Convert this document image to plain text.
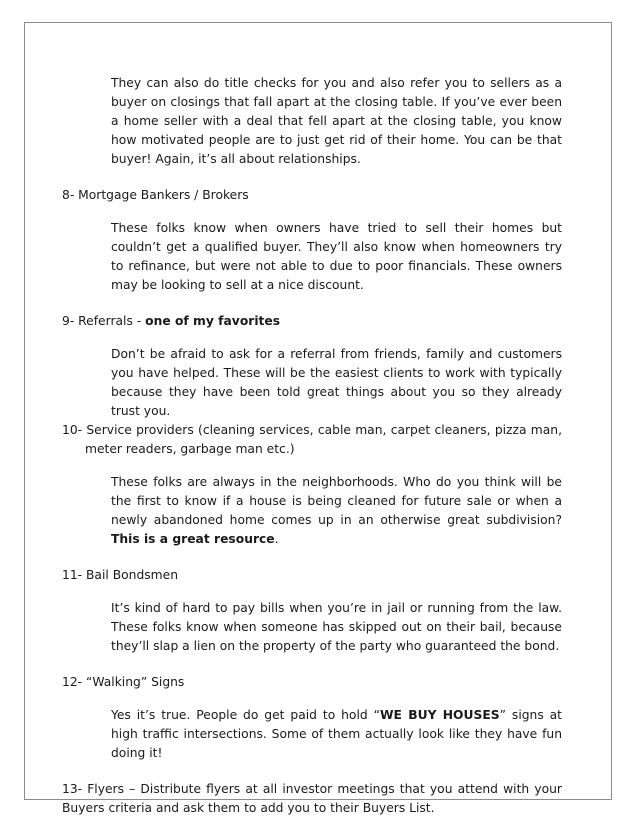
They can also do title checks for you and also refer you to sellers as a buyer on closings that fall apart at the closing table. If you’ve ever been a home seller with a deal that fell apart at the closing table, you know how motivated people are to just get rid of their home. You can be that buyer! Again, it’s all about relationships.

8- Mortgage Bankers / Brokers

These folks know when owners have tried to sell their homes but couldn’t get a qualified buyer. They’ll also know when homeowners try to refinance, but were not able to due to poor financials. These owners may be looking to sell at a nice discount.

9- Referrals - one of my favorites

Don’t be afraid to ask for a referral from friends, family and customers you have helped. These will be the easiest clients to work with typically because they have been told great things about you so they already trust you.

10- Service providers (cleaning services, cable man, carpet cleaners, pizza man, meter readers, garbage man etc.)

These folks are always in the neighborhoods. Who do you think will be the first to know if a house is being cleaned for future sale or when a newly abandoned home comes up in an otherwise great subdivision? This is a great resource.

11- Bail Bondsmen

It’s kind of hard to pay bills when you’re in jail or running from the law. These folks know when someone has skipped out on their bail, because they’ll slap a lien on the property of the party who guaranteed the bond.

12- “Walking” Signs

Yes it’s true. People do get paid to hold “WE BUY HOUSES” signs at high traffic intersections. Some of them actually look like they have fun doing it!

13- Flyers – Distribute flyers at all investor meetings that you attend with your Buyers criteria and ask them to add you to their Buyers List.
